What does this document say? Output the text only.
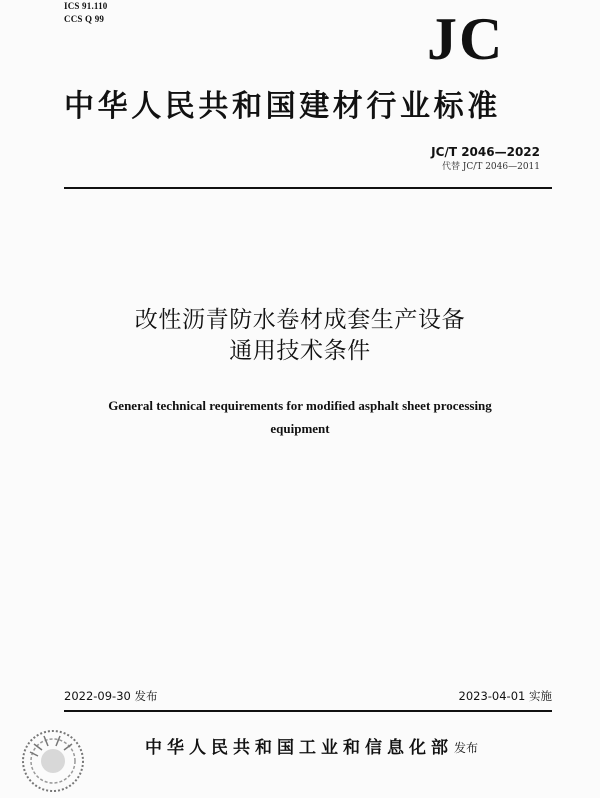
ICS 91.110
CCS Q 99	JC
中华人民共和国建材行业标准
JC/T 2046—2022
代替 JC/T 2046—2011
改性沥青防水卷材成套生产设备
通用技术条件
General technical requirements for modified asphalt sheet processing
equipment
2022-09-30 发布	2023-04-01 实施
中华人民共和国工业和信息化部 发布
